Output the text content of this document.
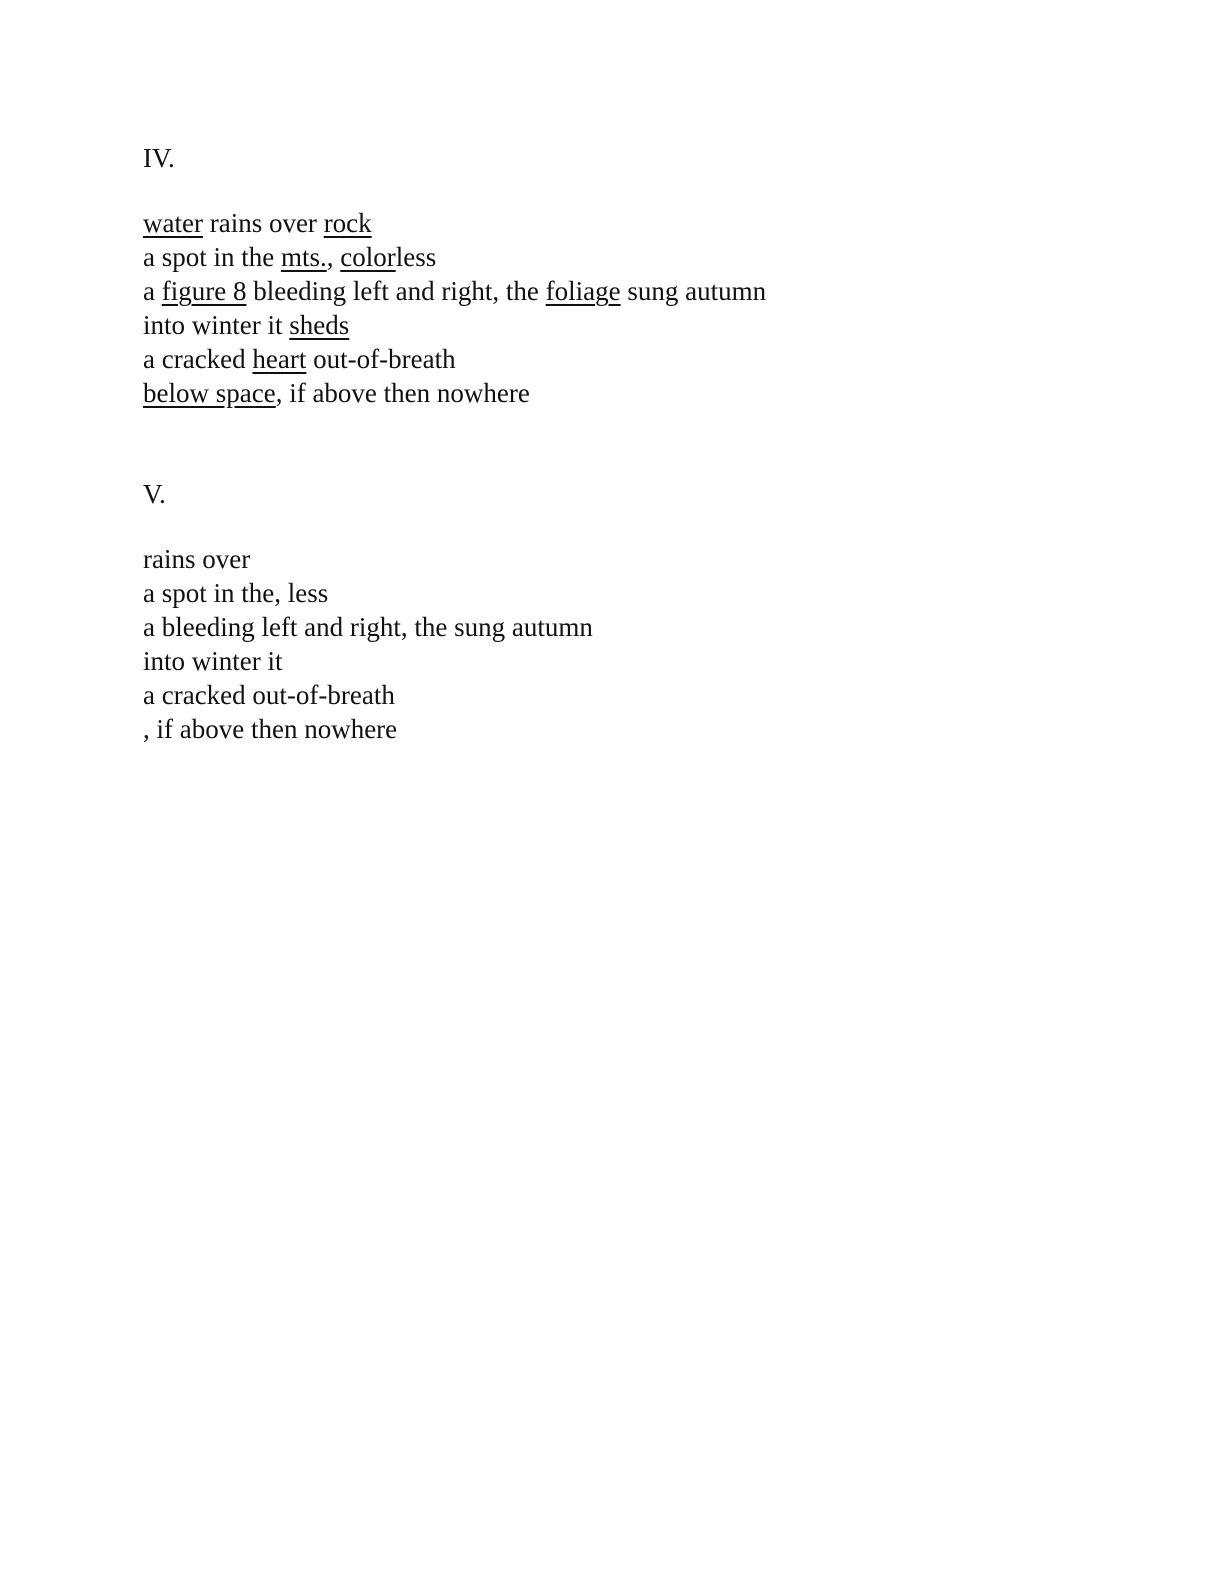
IV.
water rains over rock
a spot in the mts., colorless
a figure 8 bleeding left and right, the foliage sung autumn
into winter it sheds
a cracked heart out-of-breath
below space, if above then nowhere
V.
rains over
a spot in the, less
a bleeding left and right, the sung autumn
into winter it
a cracked out-of-breath
, if above then nowhere
